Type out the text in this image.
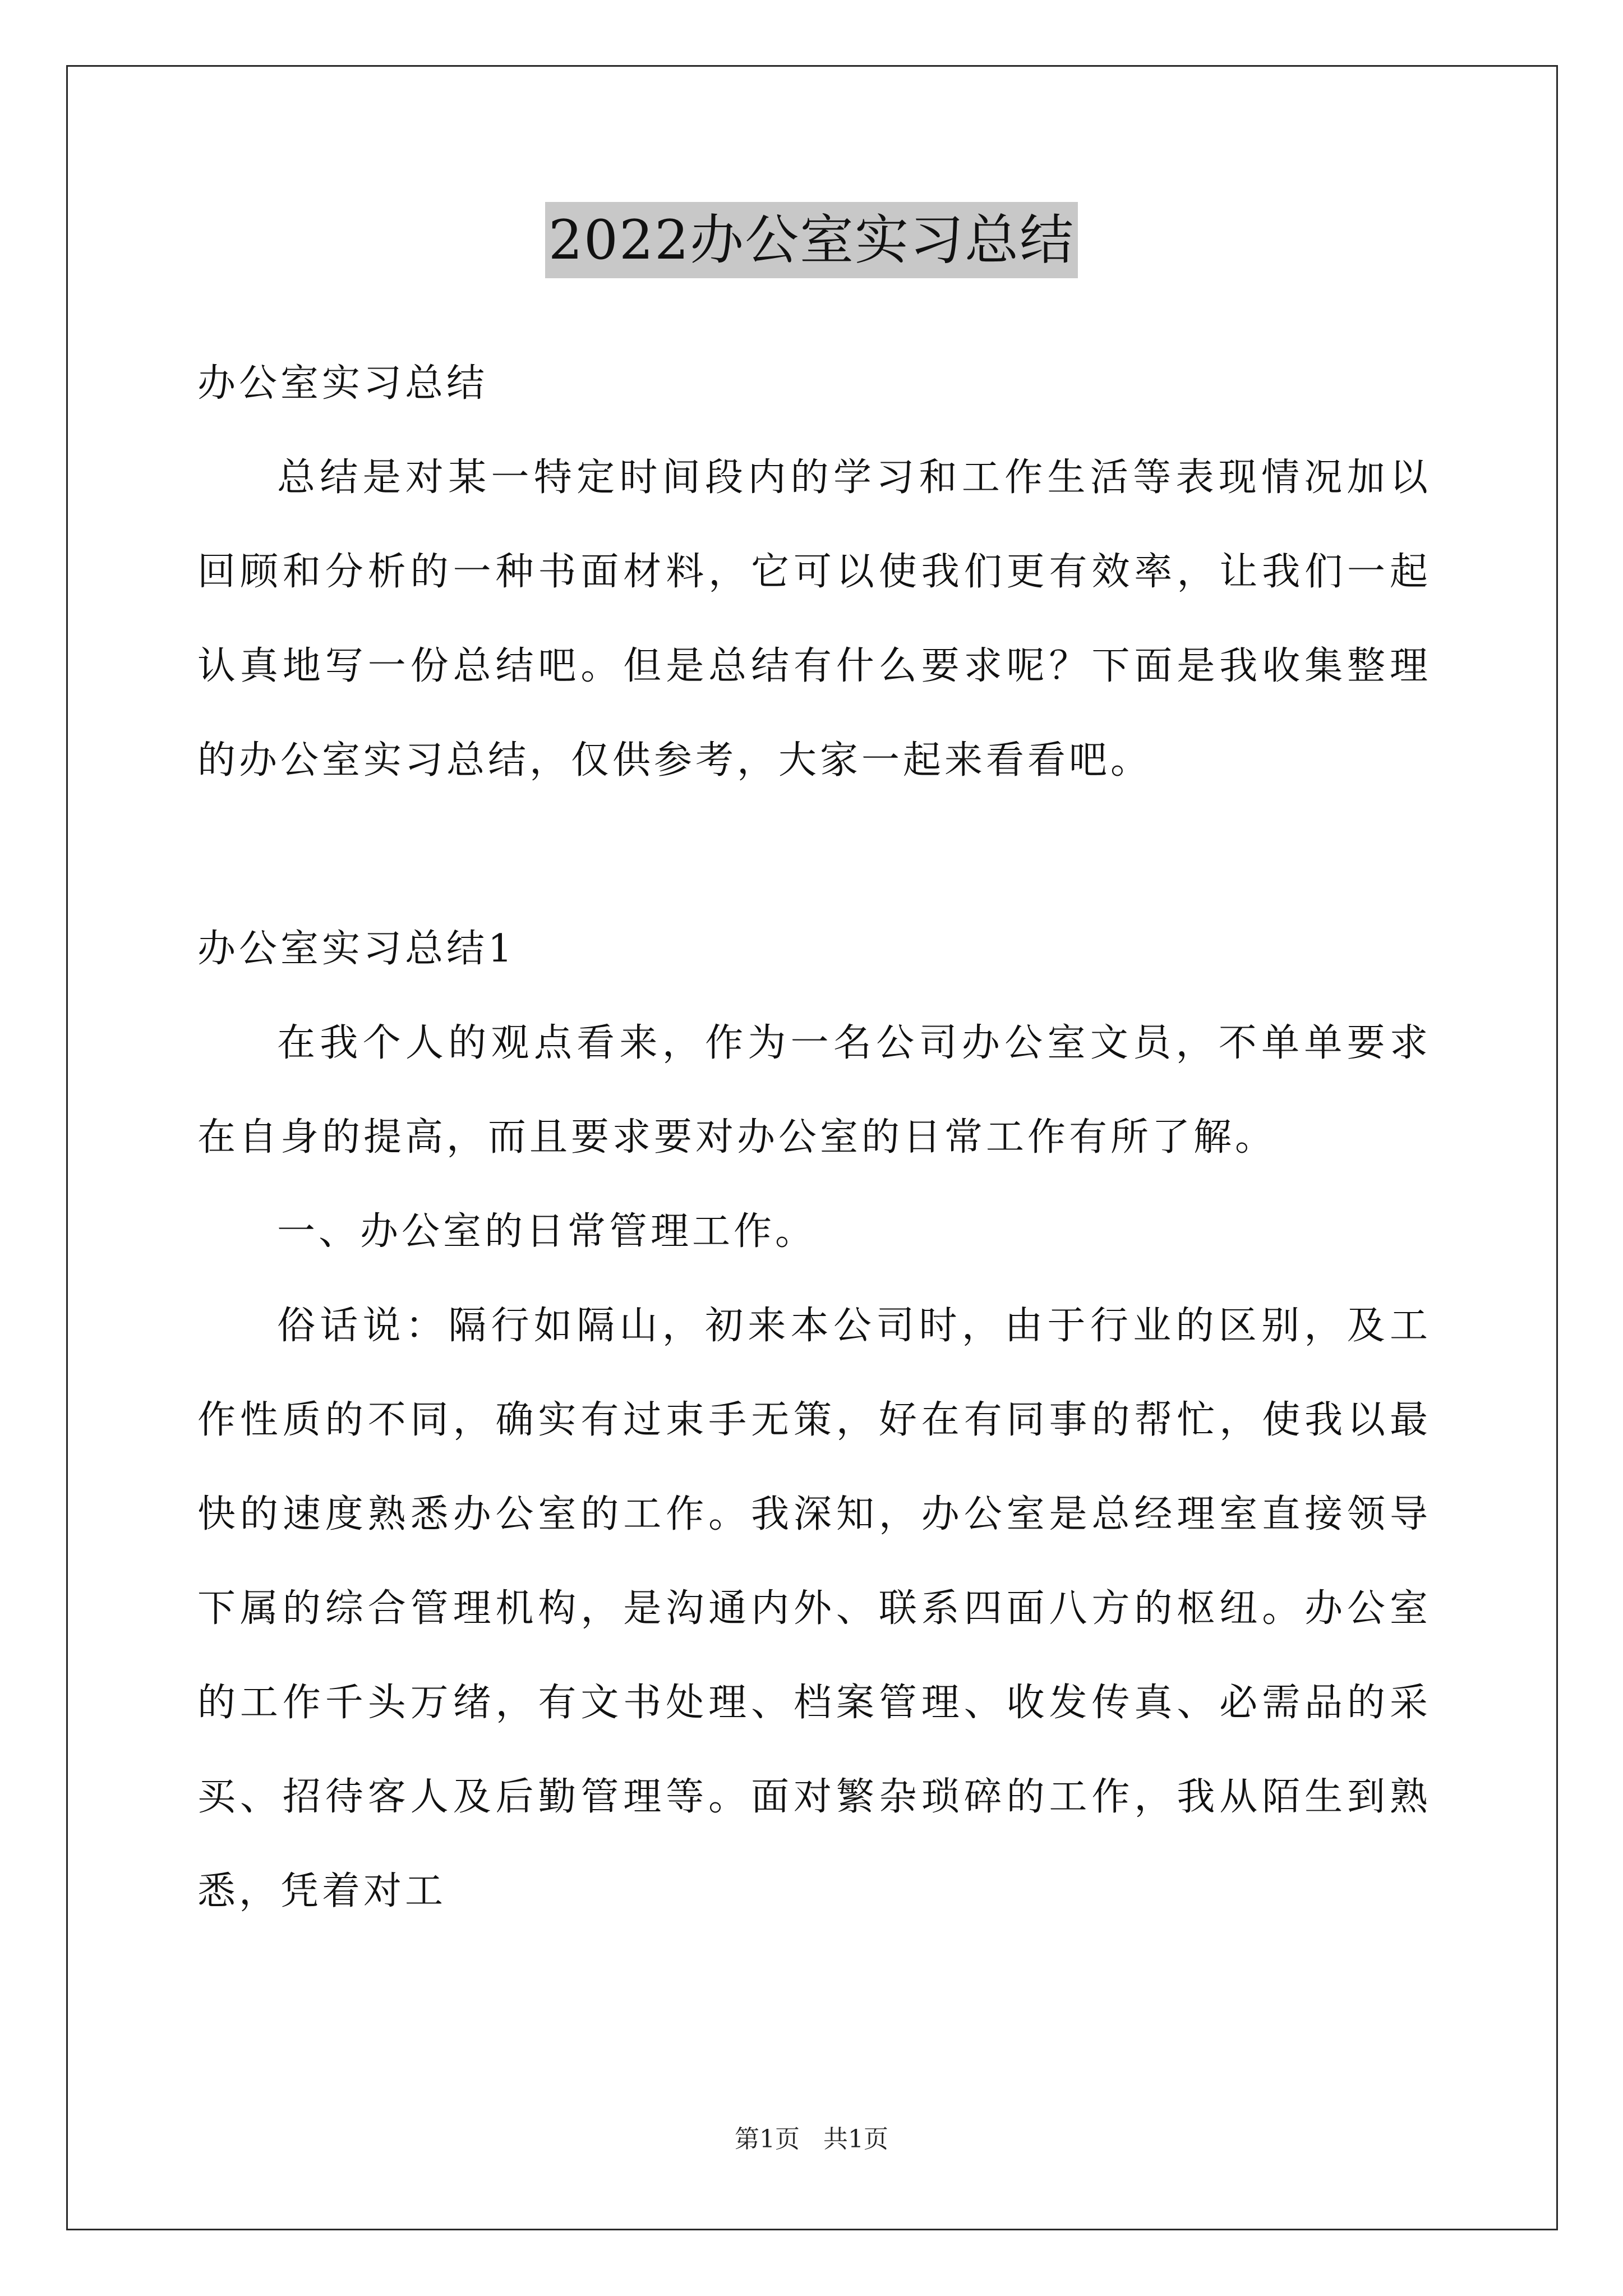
2022办公室实习总结

办公室实习总结

总结是对某一特定时间段内的学习和工作生活等表现情况加以回顾和分析的一种书面材料，它可以使我们更有效率，让我们一起认真地写一份总结吧。但是总结有什么要求呢？下面是我收集整理的办公室实习总结，仅供参考，大家一起来看看吧。

办公室实习总结1

在我个人的观点看来，作为一名公司办公室文员，不单单要求在自身的提高，而且要求要对办公室的日常工作有所了解。

一、办公室的日常管理工作。

俗话说：隔行如隔山，初来本公司时，由于行业的区别，及工作性质的不同，确实有过束手无策，好在有同事的帮忙，使我以最快的速度熟悉办公室的工作。我深知，办公室是总经理室直接领导下属的综合管理机构，是沟通内外、联系四面八方的枢纽。办公室的工作千头万绪，有文书处理、档案管理、收发传真、必需品的采买、招待客人及后勤管理等。面对繁杂琐碎的工作，我从陌生到熟悉，凭着对工

第1页 共1页
